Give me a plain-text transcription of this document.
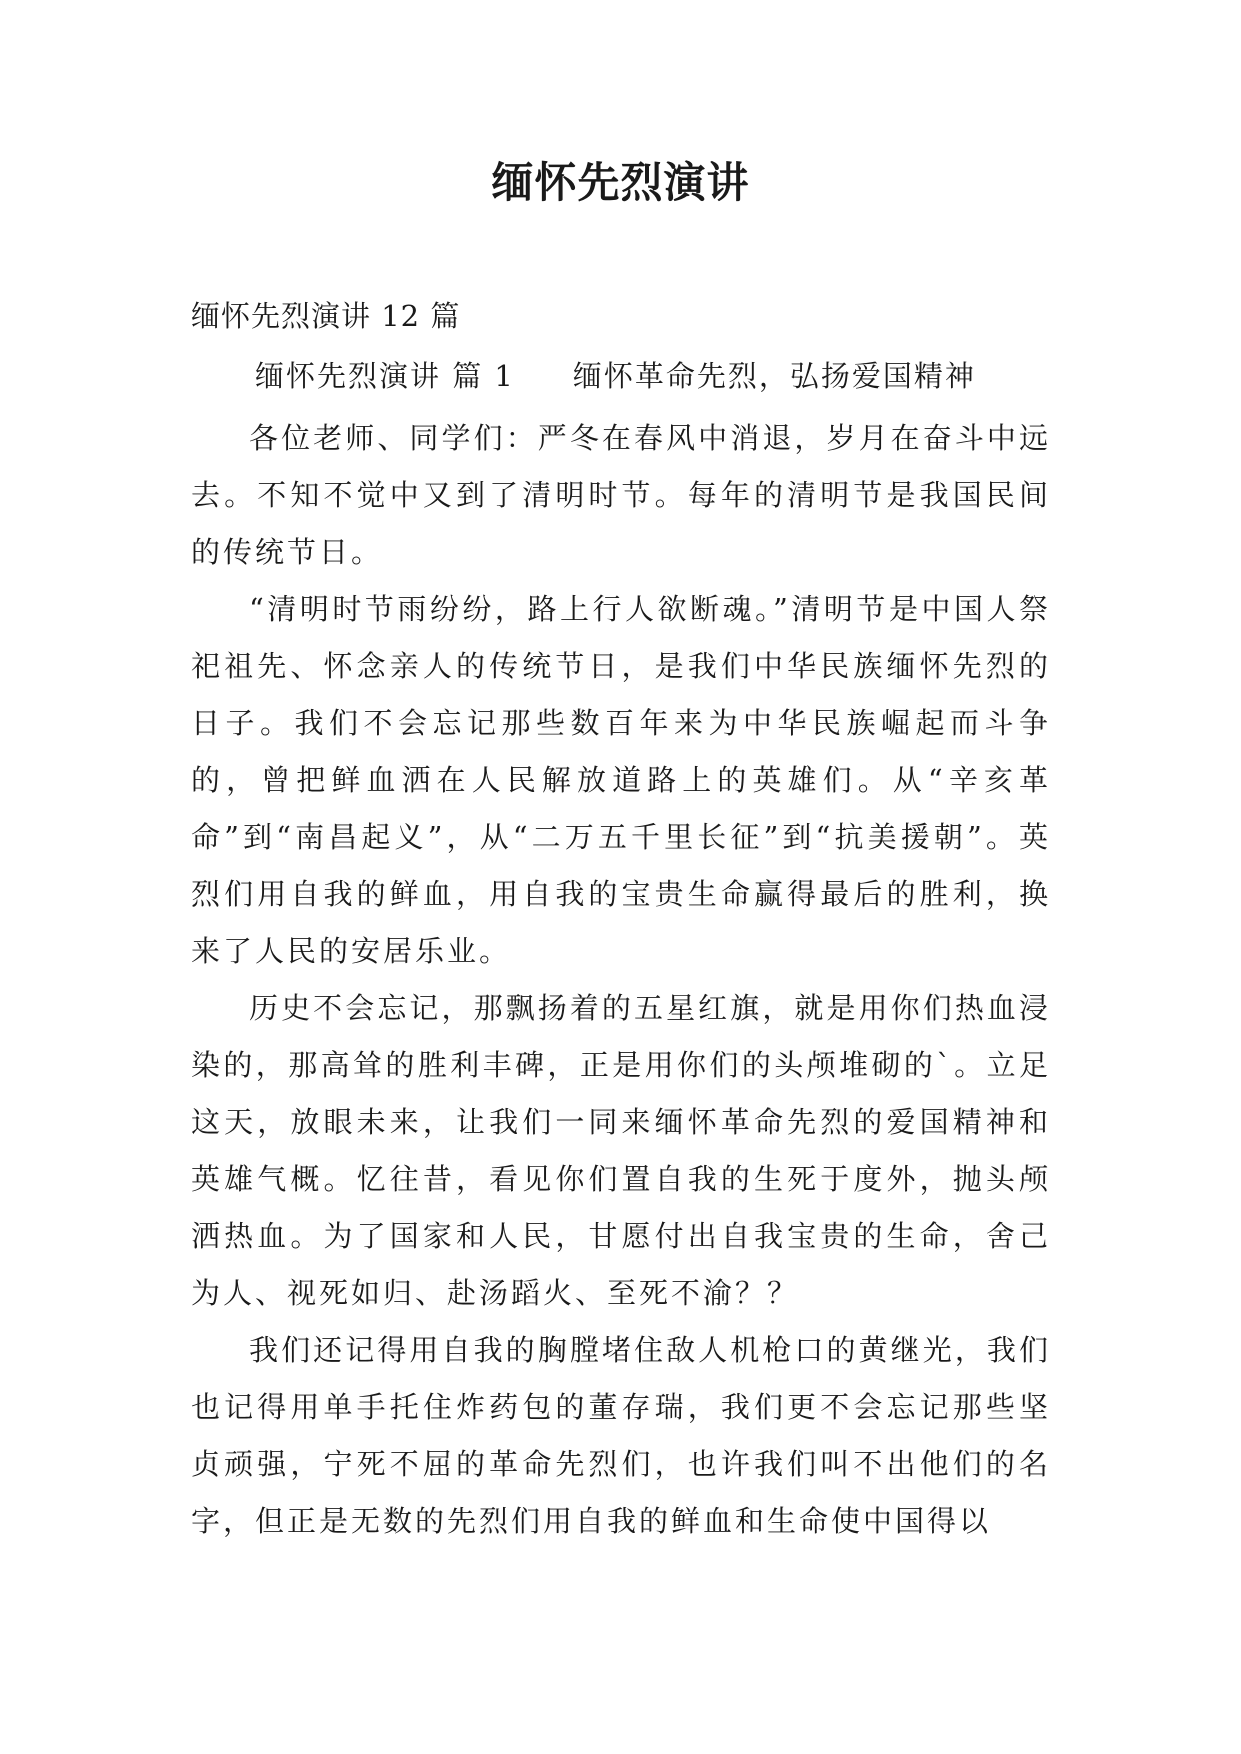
缅怀先烈演讲
缅怀先烈演讲 12 篇
缅怀先烈演讲 篇 1 缅怀革命先烈，弘扬爱国精神

各位老师、同学们：严冬在春风中消退，岁月在奋斗中远去。不知不觉中又到了清明时节。每年的清明节是我国民间的传统节日。

“清明时节雨纷纷，路上行人欲断魂。”清明节是中国人祭祀祖先、怀念亲人的传统节日，是我们中华民族缅怀先烈的日子。我们不会忘记那些数百年来为中华民族崛起而斗争的，曾把鲜血洒在人民解放道路上的英雄们。从“辛亥革命”到“南昌起义”，从“二万五千里长征”到“抗美援朝”。英烈们用自我的鲜血，用自我的宝贵生命赢得最后的胜利，换来了人民的安居乐业。

历史不会忘记，那飘扬着的五星红旗，就是用你们热血浸染的，那高耸的胜利丰碑，正是用你们的头颅堆砌的`。立足这天，放眼未来，让我们一同来缅怀革命先烈的爱国精神和英雄气概。忆往昔，看见你们置自我的生死于度外，抛头颅洒热血。为了国家和人民，甘愿付出自我宝贵的生命，舍己为人、视死如归、赴汤蹈火、至死不渝？？

我们还记得用自我的胸膛堵住敌人机枪口的黄继光，我们也记得用单手托住炸药包的董存瑞，我们更不会忘记那些坚贞顽强，宁死不屈的革命先烈们，也许我们叫不出他们的名字，但正是无数的先烈们用自我的鲜血和生命使中国得以
